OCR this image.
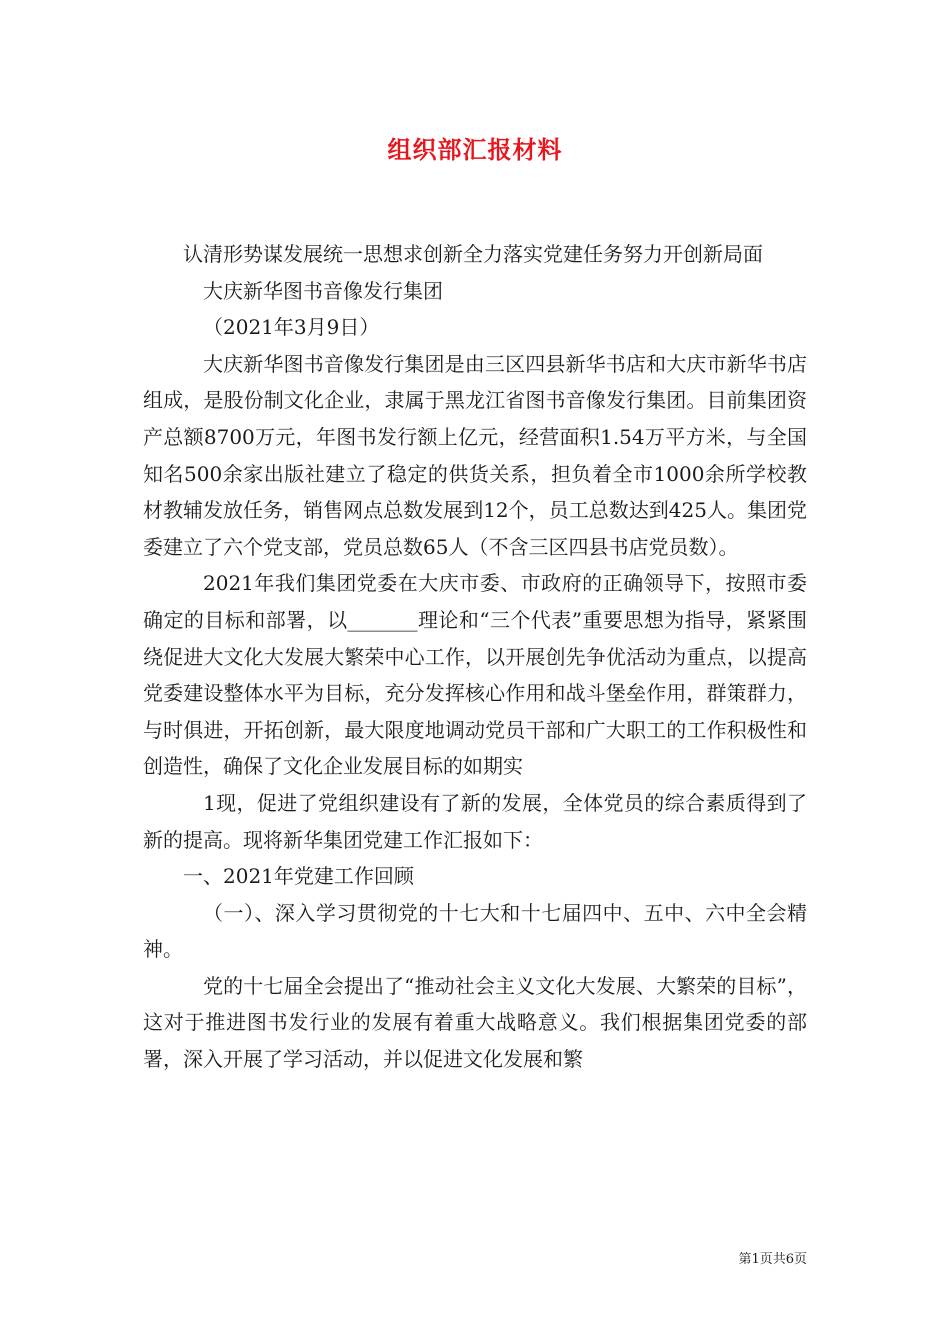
组织部汇报材料

认清形势谋发展统一思想求创新全力落实党建任务努力开创新局面

大庆新华图书音像发行集团

（2021年3月9日）

大庆新华图书音像发行集团是由三区四县新华书店和大庆市新华书店组成，是股份制文化企业，隶属于黑龙江省图书音像发行集团。目前集团资产总额8700万元，年图书发行额上亿元，经营面积1.54万平方米，与全国知名500余家出版社建立了稳定的供货关系，担负着全市1000余所学校教材教辅发放任务，销售网点总数发展到12个，员工总数达到425人。集团党委建立了六个党支部，党员总数65人（不含三区四县书店党员数）。

2021年我们集团党委在大庆市委、市政府的正确领导下，按照市委确定的目标和部署，以_______理论和“三个代表”重要思想为指导，紧紧围绕促进大文化大发展大繁荣中心工作，以开展创先争优活动为重点，以提高党委建设整体水平为目标，充分发挥核心作用和战斗堡垒作用，群策群力，与时俱进，开拓创新，最大限度地调动党员干部和广大职工的工作积极性和创造性，确保了文化企业发展目标的如期实

1现，促进了党组织建设有了新的发展，全体党员的综合素质得到了新的提高。现将新华集团党建工作汇报如下：

一、2021年党建工作回顾

（一）、深入学习贯彻党的十七大和十七届四中、五中、六中全会精神。

党的十七届全会提出了“推动社会主义文化大发展、大繁荣的目标”，这对于推进图书发行业的发展有着重大战略意义。我们根据集团党委的部署，深入开展了学习活动，并以促进文化发展和繁

第1页共6页
